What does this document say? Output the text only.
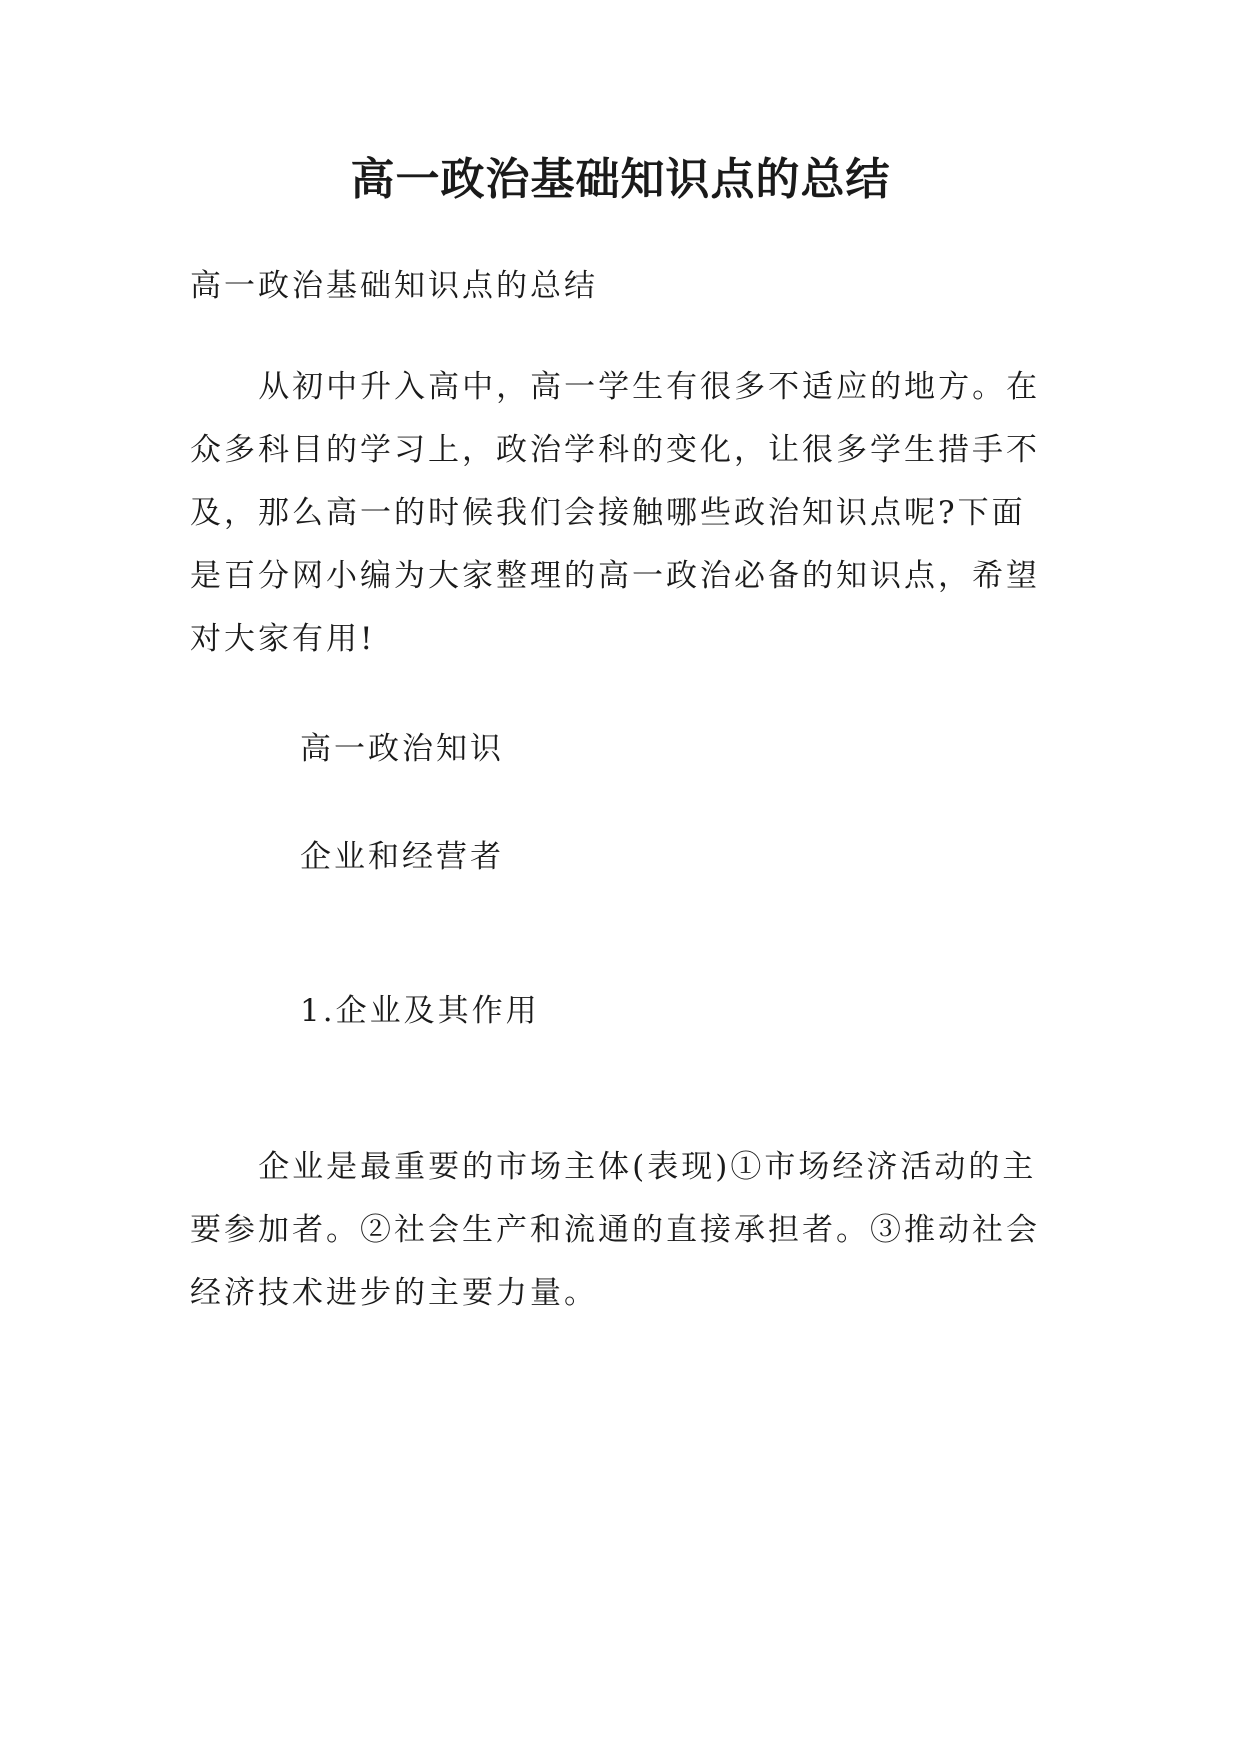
高一政治基础知识点的总结

高一政治基础知识点的总结

从初中升入高中，高一学生有很多不适应的地方。在众多科目的学习上，政治学科的变化，让很多学生措手不及，那么高一的时候我们会接触哪些政治知识点呢?下面是百分网小编为大家整理的高一政治必备的知识点，希望对大家有用!

高一政治知识

企业和经营者

1.企业及其作用

企业是最重要的市场主体(表现)①市场经济活动的主要参加者。②社会生产和流通的直接承担者。③推动社会经济技术进步的主要力量。
